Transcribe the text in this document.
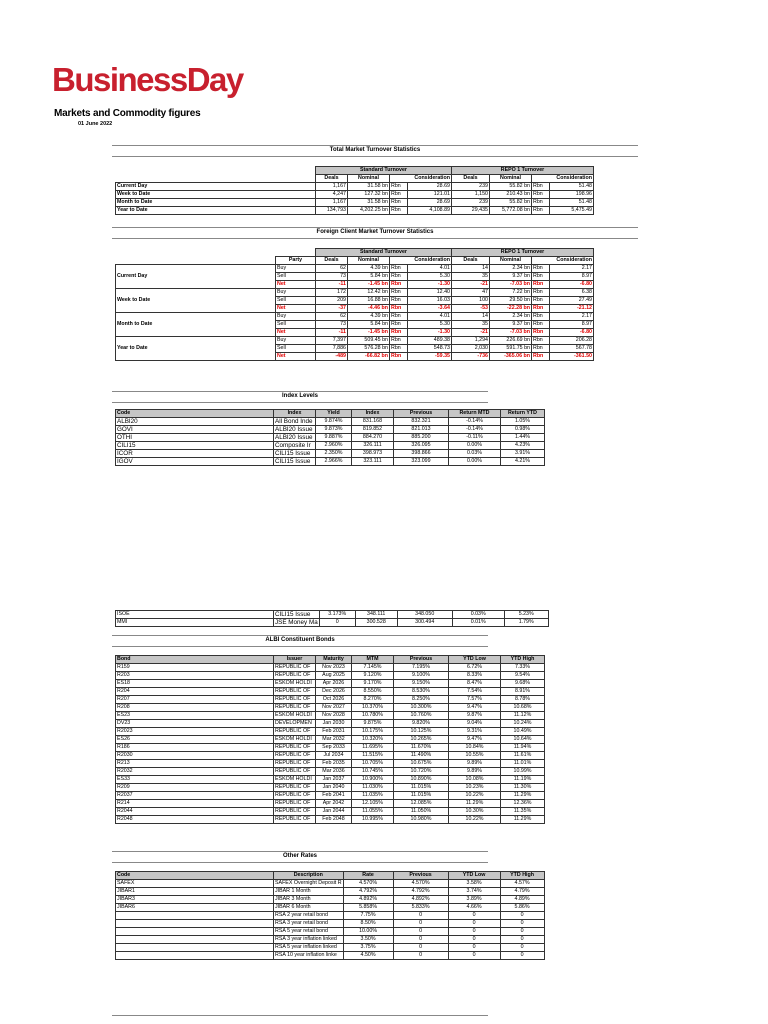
BusinessDay
Markets and Commodity figures
01 June 2022
Total Market Turnover Statistics
	Standard Turnover				REPO 1 Turnover			
	Deals	Nominal	Consideration		Deals	Nominal	Consideration	
Current Day	1,167	31.58 bn	Rbn	28.69	239	55.82 bn	Rbn	51.48
Week to Date	4,247	127.32 bn	Rbn	121.01	1,150	210.43 bn	Rbn	198.96
Month to Date	1,167	31.58 bn	Rbn	28.69	239	55.82 bn	Rbn	51.48
Year to Date	134,793	4,202.25 bn	Rbn	4,108.89	29,435	5,772.08 bn	Rbn	5,475.49
Foreign Client Market Turnover Statistics
		Standard Turnover				REPO 1 Turnover			
	Party	Deals	Nominal	Consideration		Deals	Nominal	Consideration	
Current Day	Buy	62	4.39 bn	Rbn	4.01	14	2.34 bn	Rbn	2.17
	Sell	73	5.84 bn	Rbn	5.30	35	9.37 bn	Rbn	8.97
	Net	-11	-1.45 bn	Rbn	-1.30	-21	-7.03 bn	Rbn	-6.80
Week to Date	Buy	172	12.42 bn	Rbn	12.40	47	7.22 bn	Rbn	6.38
	Sell	209	16.88 bn	Rbn	16.03	100	29.50 bn	Rbn	27.49
	Net	-37	-4.46 bn	Rbn	-3.64	-53	-22.28 bn	Rbn	-21.12
Month to Date	Buy	62	4.39 bn	Rbn	4.01	14	2.34 bn	Rbn	2.17
	Sell	73	5.84 bn	Rbn	5.30	35	9.37 bn	Rbn	8.97
	Net	-11	-1.45 bn	Rbn	-1.30	-21	-7.03 bn	Rbn	-6.80
Year to Date	Buy	7,397	509.45 bn	Rbn	489.38	1,294	226.69 bn	Rbn	206.28
	Sell	7,886	576.28 bn	Rbn	548.73	2,030	591.75 bn	Rbn	567.78
	Net	-489	-66.82 bn	Rbn	-59.35	-736	-365.06 bn	Rbn	-361.50
Index Levels
Code	Index	Yield	Index	Previous	Return MTD	Return YTD
ALBI20	All Bond Inde	9.874%	831.168	832.321	-0.14%	1.05%
GOVI	ALBI20 Issue	9.873%	819.852	821.013	-0.14%	0.98%
OTHI	ALBI20 Issue	9.887%	884.270	885.200	-0.11%	1.44%
CILI15	Composite Ir	2.960%	326.111	326.095	0.00%	4.23%
ICOR	CILI15 Issue	2.350%	398.973	398.866	0.03%	3.91%
IGOV	CILI15 Issue	2.966%	323.111	323.099	0.00%	4.21%
ISOE	CILI15 Issue	3.173%	348.111	348.050	0.03%	5.23%
MMI	JSE Money Ma	0	300.528	300.494	0.01%	1.79%
ALBI Constituent Bonds
Bond	Issuer	Maturity	MTM	Previous	YTD Low	YTD High
R159	REPUBLIC OF	Nov 2023	7.145%	7.195%	6.72%	7.33%
R203	REPUBLIC OF	Aug 2025	9.120%	9.100%	8.33%	9.54%
ES18	ESKOM HOLDI	Apr 2026	9.170%	9.150%	8.47%	9.68%
R204	REPUBLIC OF	Dec 2026	8.550%	8.530%	7.54%	8.91%
R207	REPUBLIC OF	Oct 2026	8.270%	8.250%	7.57%	8.78%
R208	REPUBLIC OF	Nov 2027	10.370%	10.300%	9.47%	10.68%
ES23	ESKOM HOLDI	Nov 2028	10.780%	10.760%	9.87%	11.12%
DV23	DEVELOPMEN	Jan 2030	9.875%	9.820%	9.04%	10.24%
R2023	REPUBLIC OF	Feb 2031	10.175%	10.125%	9.31%	10.49%
ES26	ESKOM HOLDI	Mar 2032	10.320%	10.265%	9.47%	10.64%
R186	REPUBLIC OF	Sep 2033	11.695%	11.670%	10.84%	11.94%
R2030	REPUBLIC OF	Jul 2034	11.515%	11.490%	10.55%	11.61%
R213	REPUBLIC OF	Feb 2035	10.705%	10.675%	9.89%	11.01%
R2032	REPUBLIC OF	Mar 2036	10.745%	10.720%	9.89%	10.99%
ES33	ESKOM HOLDI	Jan 2037	10.900%	10.890%	10.08%	11.19%
R209	REPUBLIC OF	Jan 2040	11.030%	11.015%	10.23%	11.30%
R2037	REPUBLIC OF	Feb 2041	11.035%	11.015%	10.22%	11.29%
R214	REPUBLIC OF	Apr 2042	12.105%	12.085%	11.29%	12.36%
R2044	REPUBLIC OF	Jan 2044	11.055%	11.050%	10.30%	11.35%
R2048	REPUBLIC OF	Feb 2048	10.995%	10.980%	10.22%	11.29%
Other Rates
Code	Description	Rate	Previous	YTD Low	YTD High
SAFEX	SAFEX Overnight Deposit R	4.570%	4.570%	3.58%	4.57%
JIBAR1	JIBAR 1 Month	4.792%	4.792%	3.74%	4.79%
JIBAR3	JIBAR 3 Month	4.892%	4.892%	3.89%	4.89%
JIBAR6	JIBAR 6 Month	5.858%	5.833%	4.66%	5.86%
	RSA 2 year retail bond	7.75%	0	0	0
	RSA 3 year retail bond	8.50%	0	0	0
	RSA 5 year retail bond	10.00%	0	0	0
	RSA 3 year inflation linked	3.50%	0	0	0
	RSA 5 year inflation linked	3.75%	0	0	0
	RSA 10 year inflation linke	4.50%	0	0	0
